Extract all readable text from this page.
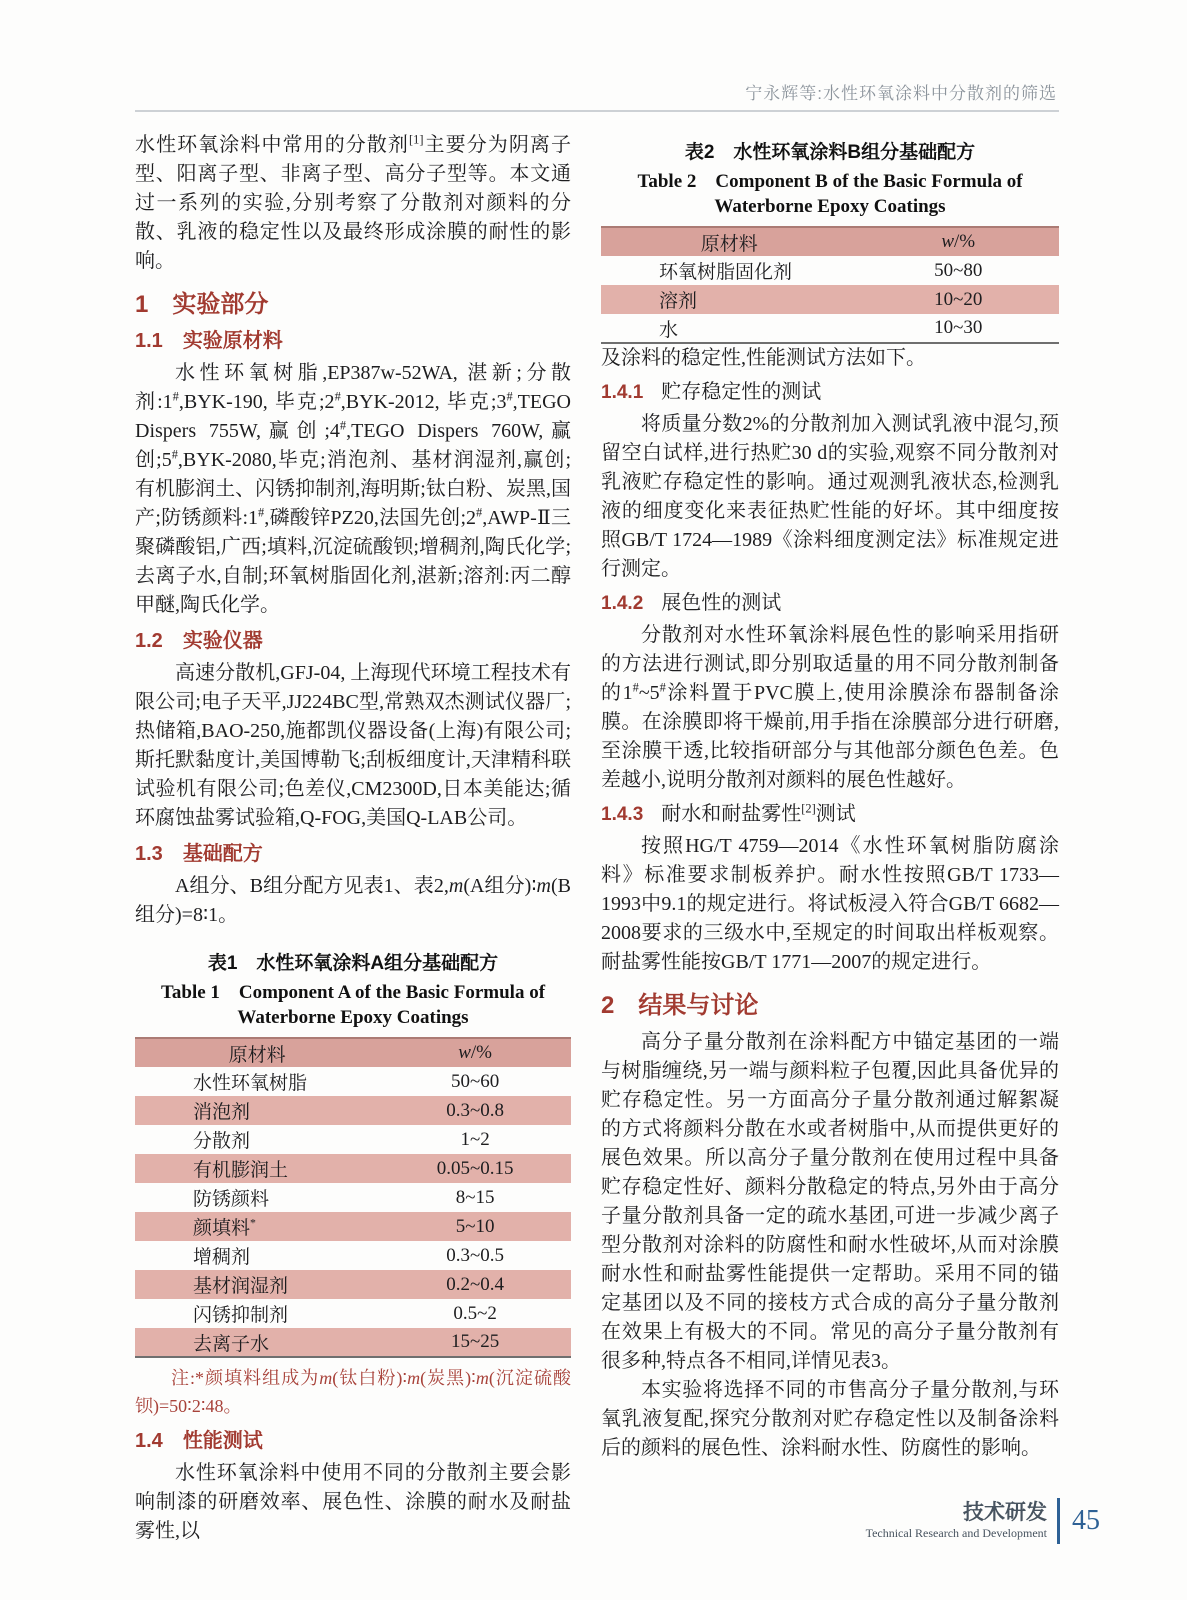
宁永辉等:水性环氧涂料中分散剂的筛选

水性环氧涂料中常用的分散剂[1]主要分为阴离子型、阳离子型、非离子型、高分子型等。本文通过一系列的实验,分别考察了分散剂对颜料的分散、乳液的稳定性以及最终形成涂膜的耐性的影响。

1 实验部分
1.1 实验原材料

水性环氧树脂,EP387w-52WA, 湛新;分散剂:1#,BYK-190, 毕克;2#,BYK-2012, 毕克;3#,TEGO Dispers 755W,赢创;4#,TEGO Dispers 760W,赢创;5#,BYK-2080,毕克;消泡剂、基材润湿剂,赢创;有机膨润土、闪锈抑制剂,海明斯;钛白粉、炭黑,国产;防锈颜料:1#,磷酸锌PZ20,法国先创;2#,AWP-Ⅱ三聚磷酸铝,广西;填料,沉淀硫酸钡;增稠剂,陶氏化学;去离子水,自制;环氧树脂固化剂,湛新;溶剂:丙二醇甲醚,陶氏化学。

1.2 实验仪器

高速分散机,GFJ-04, 上海现代环境工程技术有限公司;电子天平,JJ224BC型,常熟双杰测试仪器厂;热储箱,BAO-250,施都凯仪器设备(上海)有限公司;斯托默黏度计,美国博勒飞;刮板细度计,天津精科联试验机有限公司;色差仪,CM2300D,日本美能达;循环腐蚀盐雾试验箱,Q-FOG,美国Q-LAB公司。

1.3 基础配方

A组分、B组分配方见表1、表2,m(A组分)∶m(B组分)=8∶1。

表1　水性环氧涂料A组分基础配方
Table 1　Component A of the Basic Formula of Waterborne Epoxy Coatings
原材料	w/%
水性环氧树脂	50~60
消泡剂	0.3~0.8
分散剂	1~2
有机膨润土	0.05~0.15
防锈颜料	8~15
颜填料*	5~10
增稠剂	0.3~0.5
基材润湿剂	0.2~0.4
闪锈抑制剂	0.5~2
去离子水	15~25

注:*颜填料组成为m(钛白粉)∶m(炭黑)∶m(沉淀硫酸钡)=50∶2∶48。

1.4 性能测试

水性环氧涂料中使用不同的分散剂主要会影响制漆的研磨效率、展色性、涂膜的耐水及耐盐雾性,以

表2　水性环氧涂料B组分基础配方
Table 2　Component B of the Basic Formula of Waterborne Epoxy Coatings
原材料	w/%
环氧树脂固化剂	50~80
溶剂	10~20
水	10~30

及涂料的稳定性,性能测试方法如下。

1.4.1 贮存稳定性的测试

将质量分数2%的分散剂加入测试乳液中混匀,预留空白试样,进行热贮30 d的实验,观察不同分散剂对乳液贮存稳定性的影响。通过观测乳液状态,检测乳液的细度变化来表征热贮性能的好坏。其中细度按照GB/T 1724—1989《涂料细度测定法》标准规定进行测定。

1.4.2 展色性的测试

分散剂对水性环氧涂料展色性的影响采用指研的方法进行测试,即分别取适量的用不同分散剂制备的1#~5#涂料置于PVC膜上,使用涂膜涂布器制备涂膜。在涂膜即将干燥前,用手指在涂膜部分进行研磨,至涂膜干透,比较指研部分与其他部分颜色色差。色差越小,说明分散剂对颜料的展色性越好。

1.4.3 耐水和耐盐雾性[2]测试

按照HG/T 4759—2014《水性环氧树脂防腐涂料》标准要求制板养护。耐水性按照GB/T 1733—1993中9.1的规定进行。将试板浸入符合GB/T 6682—2008要求的三级水中,至规定的时间取出样板观察。耐盐雾性能按GB/T 1771—2007的规定进行。

2 结果与讨论

高分子量分散剂在涂料配方中锚定基团的一端与树脂缠绕,另一端与颜料粒子包覆,因此具备优异的贮存稳定性。另一方面高分子量分散剂通过解絮凝的方式将颜料分散在水或者树脂中,从而提供更好的展色效果。所以高分子量分散剂在使用过程中具备贮存稳定性好、颜料分散稳定的特点,另外由于高分子量分散剂具备一定的疏水基团,可进一步减少离子型分散剂对涂料的防腐性和耐水性破坏,从而对涂膜耐水性和耐盐雾性能提供一定帮助。采用不同的锚定基团以及不同的接枝方式合成的高分子量分散剂在效果上有极大的不同。常见的高分子量分散剂有很多种,特点各不相同,详情见表3。

本实验将选择不同的市售高分子量分散剂,与环氧乳液复配,探究分散剂对贮存稳定性以及制备涂料后的颜料的展色性、涂料耐水性、防腐性的影响。

技术研发
Technical Research and Development 45
